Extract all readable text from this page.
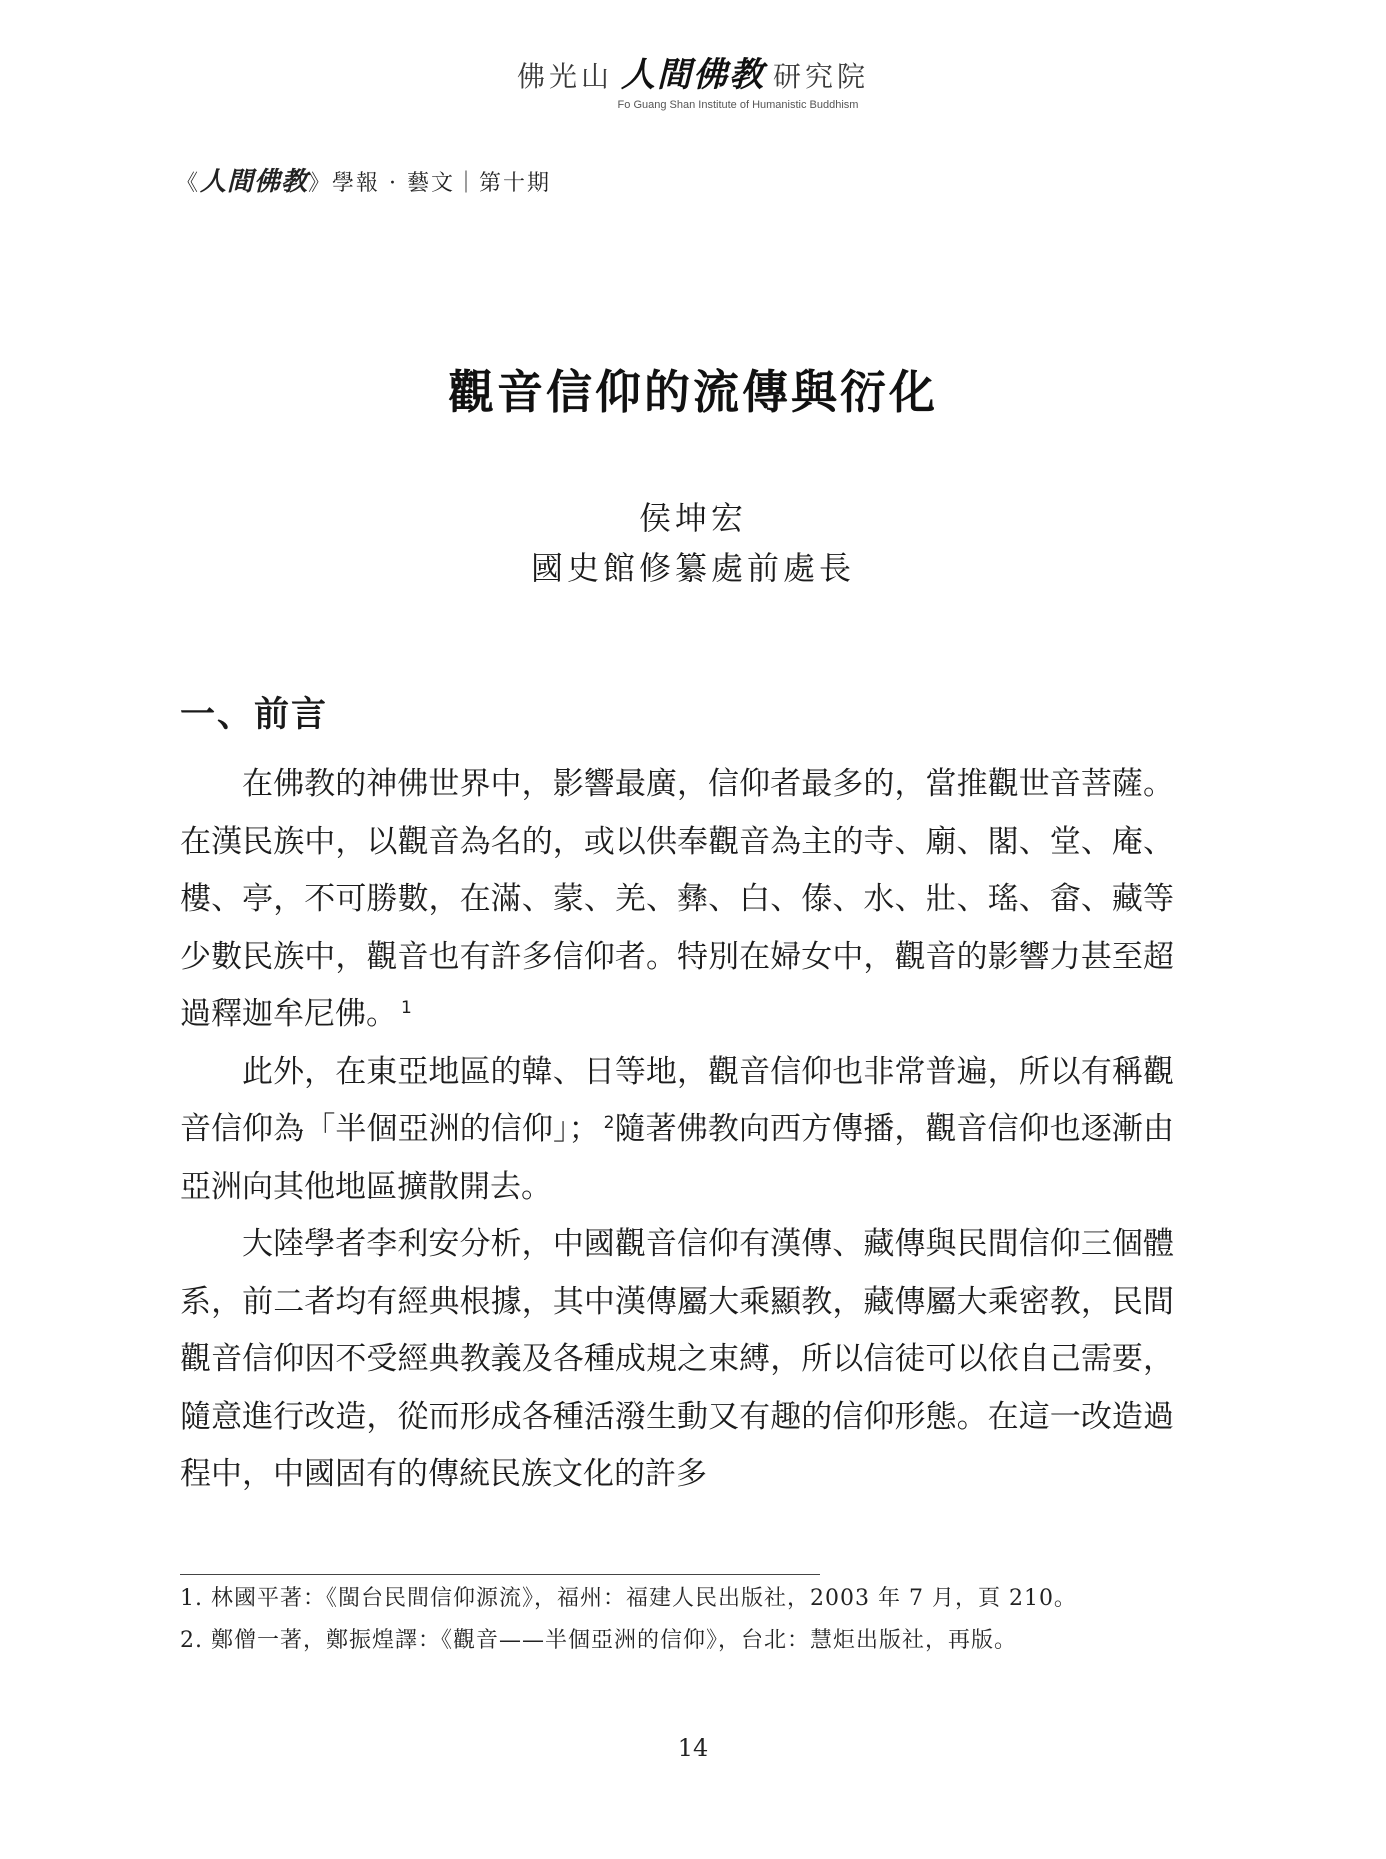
佛光山 人間佛教 研究院
Fo Guang Shan Institute of Humanistic Buddhism
《人間佛教》學報 · 藝文｜第十期
觀音信仰的流傳與衍化
侯坤宏
國史館修纂處前處長
一、前言

在佛教的神佛世界中，影響最廣，信仰者最多的，當推觀世音菩薩。在漢民族中，以觀音為名的，或以供奉觀音為主的寺、廟、閣、堂、庵、樓、亭，不可勝數，在滿、蒙、羌、彝、白、傣、水、壯、瑤、畲、藏等少數民族中，觀音也有許多信仰者。特別在婦女中，觀音的影響力甚至超過釋迦牟尼佛。 $^1$

此外，在東亞地區的韓、日等地，觀音信仰也非常普遍，所以有稱觀音信仰為「半個亞洲的信仰」； $^2$隨著佛教向西方傳播，觀音信仰也逐漸由亞洲向其他地區擴散開去。

大陸學者李利安分析，中國觀音信仰有漢傳、藏傳與民間信仰三個體系，前二者均有經典根據，其中漢傳屬大乘顯教，藏傳屬大乘密教，民間觀音信仰因不受經典教義及各種成規之束縛，所以信徒可以依自己需要，隨意進行改造，從而形成各種活潑生動又有趣的信仰形態。在這一改造過程中，中國固有的傳統民族文化的許多

1. 林國平著：《閩台民間信仰源流》，福州：福建人民出版社，2003 年 7 月，頁 210。
2. 鄭僧一著，鄭振煌譯：《觀音——半個亞洲的信仰》，台北：慧炬出版社，再版。
14
